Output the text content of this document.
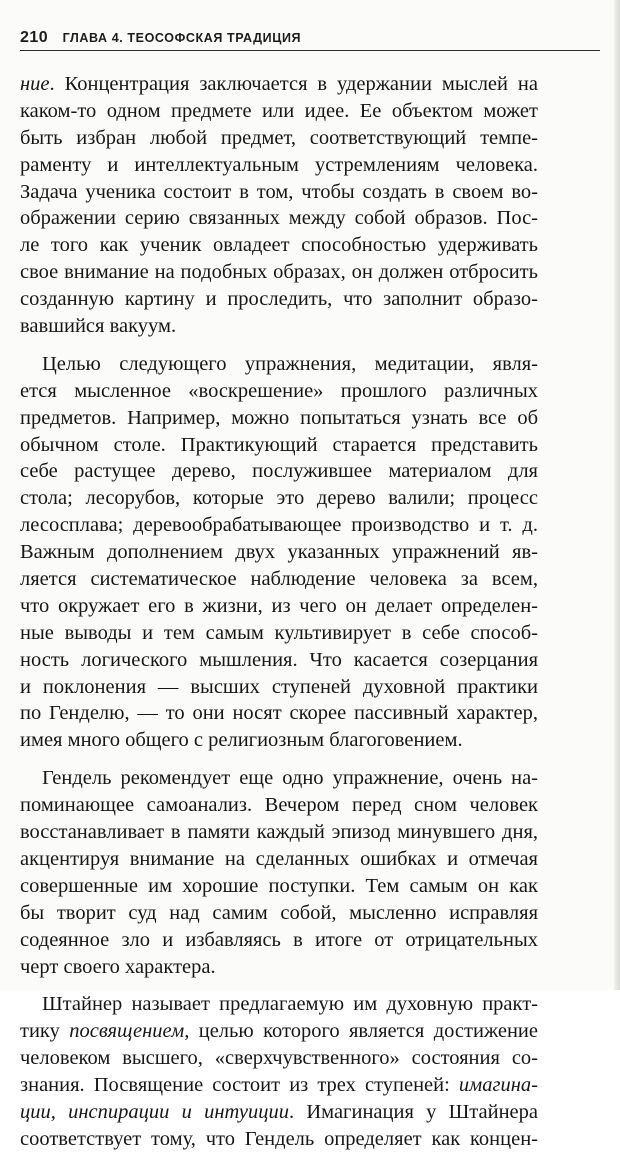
210 ГЛАВА 4. ТЕОСОФСКАЯ ТРАДИЦИЯ
ние. Концентрация заключается в удержании мыслей на
каком-то одном предмете или идее. Ее объектом может
быть избран любой предмет, соответствующий темпе-
раменту и интеллектуальным устремлениям человека.
Задача ученика состоит в том, чтобы создать в своем во-
ображении серию связанных между собой образов. Пос-
ле того как ученик овладеет способностью удерживать
свое внимание на подобных образах, он должен отбросить
созданную картину и проследить, что заполнит образо-
вавшийся вакуум.
Целью следующего упражнения, медитации, явля-
ется мысленное «воскрешение» прошлого различных
предметов. Например, можно попытаться узнать все об
обычном столе. Практикующий старается представить
себе растущее дерево, послужившее материалом для
стола; лесорубов, которые это дерево валили; процесс
лесосплава; деревообрабатывающее производство и т. д.
Важным дополнением двух указанных упражнений яв-
ляется систематическое наблюдение человека за всем,
что окружает его в жизни, из чего он делает определен-
ные выводы и тем самым культивирует в себе способ-
ность логического мышления. Что касается созерцания
и поклонения — высших ступеней духовной практики
по Генделю, — то они носят скорее пассивный характер,
имея много общего с религиозным благоговением.
Гендель рекомендует еще одно упражнение, очень на-
поминающее самоанализ. Вечером перед сном человек
восстанавливает в памяти каждый эпизод минувшего дня,
акцентируя внимание на сделанных ошибках и отмечая
совершенные им хорошие поступки. Тем самым он как
бы творит суд над самим собой, мысленно исправляя
содеянное зло и избавляясь в итоге от отрицательных
черт своего характера.
Штайнер называет предлагаемую им духовную практ-
тику посвящением, целью которого является достижение
человеком высшего, «сверхчувственного» состояния со-
знания. Посвящение состоит из трех ступеней: имагина-
ции, инспирации и интуиции. Имагинация у Штайнера
соответствует тому, что Гендель определяет как концен-
